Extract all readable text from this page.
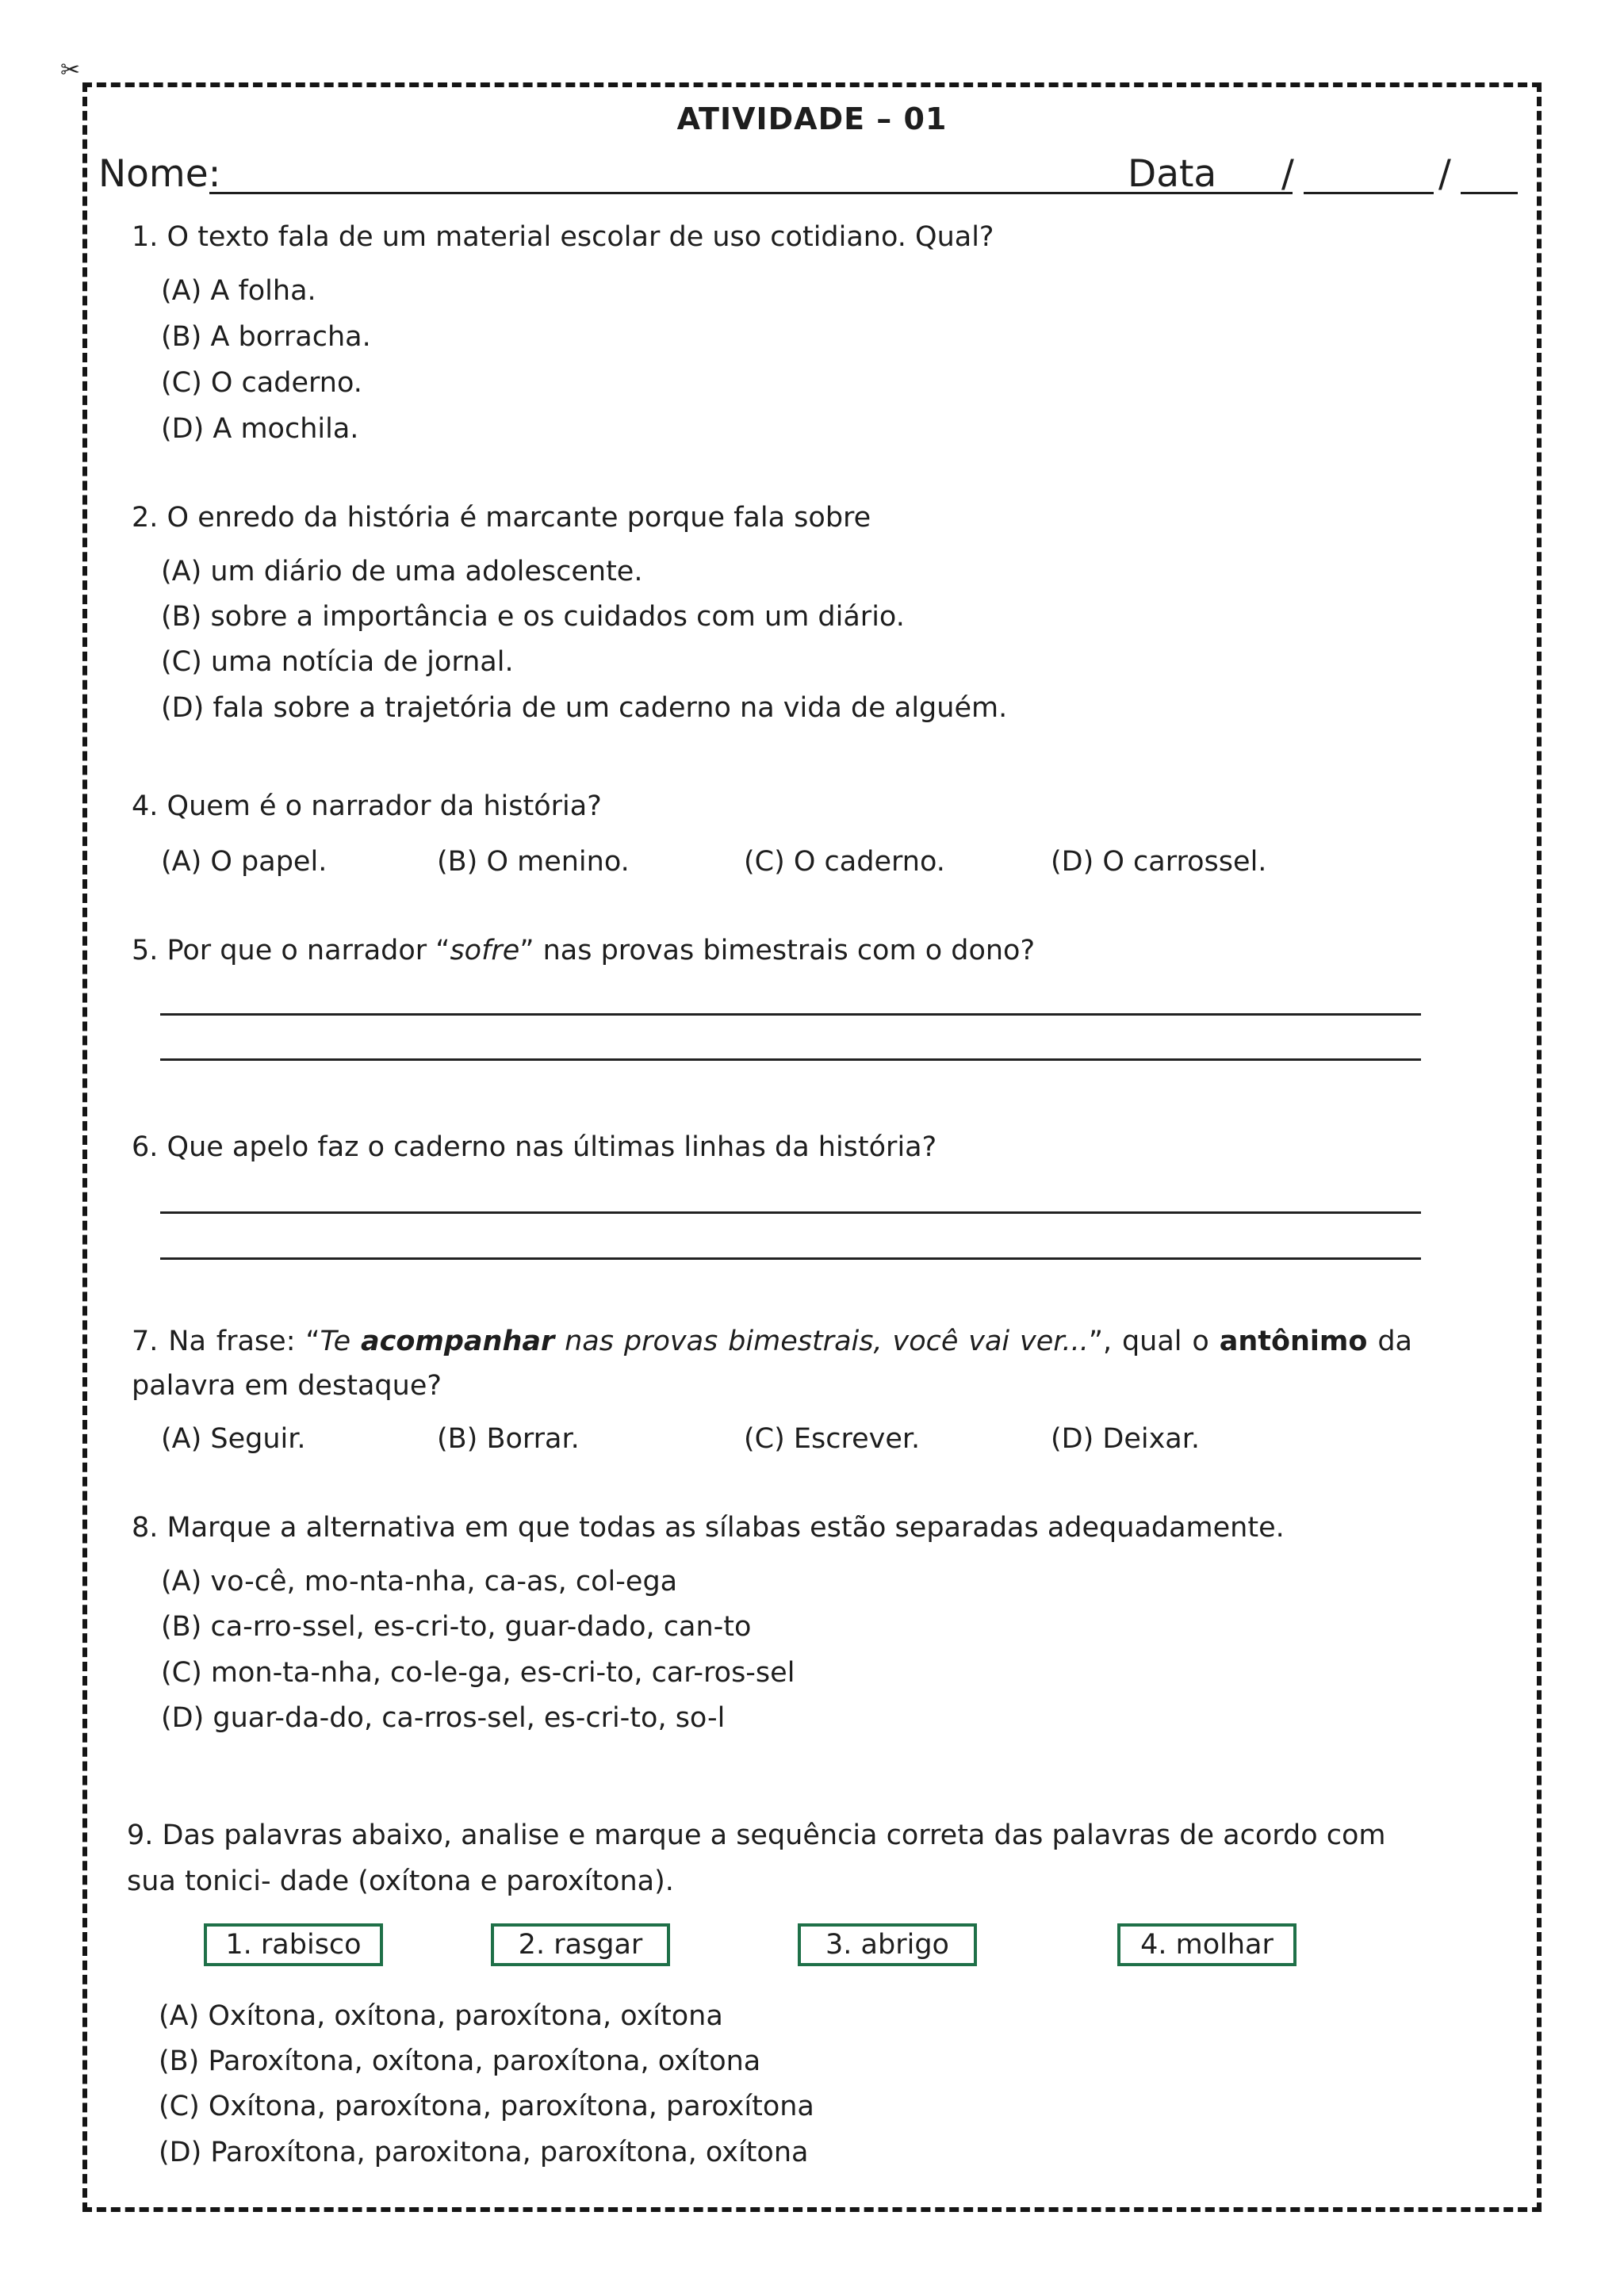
✂
ATIVIDADE – 01
Nome:	Data /	/
1. O texto fala de um material escolar de uso cotidiano. Qual?
(A) A folha.
(B) A borracha.
(C) O caderno.
(D) A mochila.
2. O enredo da história é marcante porque fala sobre
(A) um diário de uma adolescente.
(B) sobre a importância e os cuidados com um diário.
(C) uma notícia de jornal.
(D) fala sobre a trajetória de um caderno na vida de alguém.
4. Quem é o narrador da história?
(A) O papel.	(B) O menino.	(C) O caderno.	(D) O carrossel.
5. Por que o narrador “sofre” nas provas bimestrais com o dono?
6. Que apelo faz o caderno nas últimas linhas da história?
7. Na frase: “Te acompanhar nas provas bimestrais, você vai ver...”, qual o antônimo da palavra em destaque?
(A) Seguir.	(B) Borrar.	(C) Escrever.	(D) Deixar.
8. Marque a alternativa em que todas as sílabas estão separadas adequadamente.
(A) vo-cê, mo-nta-nha, ca-as, col-ega
(B) ca-rro-ssel, es-cri-to, guar-dado, can-to
(C) mon-ta-nha, co-le-ga, es-cri-to, car-ros-sel
(D) guar-da-do, ca-rros-sel, es-cri-to, so-l
9. Das palavras abaixo, analise e marque a sequência correta das palavras de acordo com sua tonici- dade (oxítona e paroxítona).
1. rabisco	2. rasgar	3. abrigo	4. molhar
(A) Oxítona, oxítona, paroxítona, oxítona
(B) Paroxítona, oxítona, paroxítona, oxítona
(C) Oxítona, paroxítona, paroxítona, paroxítona
(D) Paroxítona, paroxitona, paroxítona, oxítona
